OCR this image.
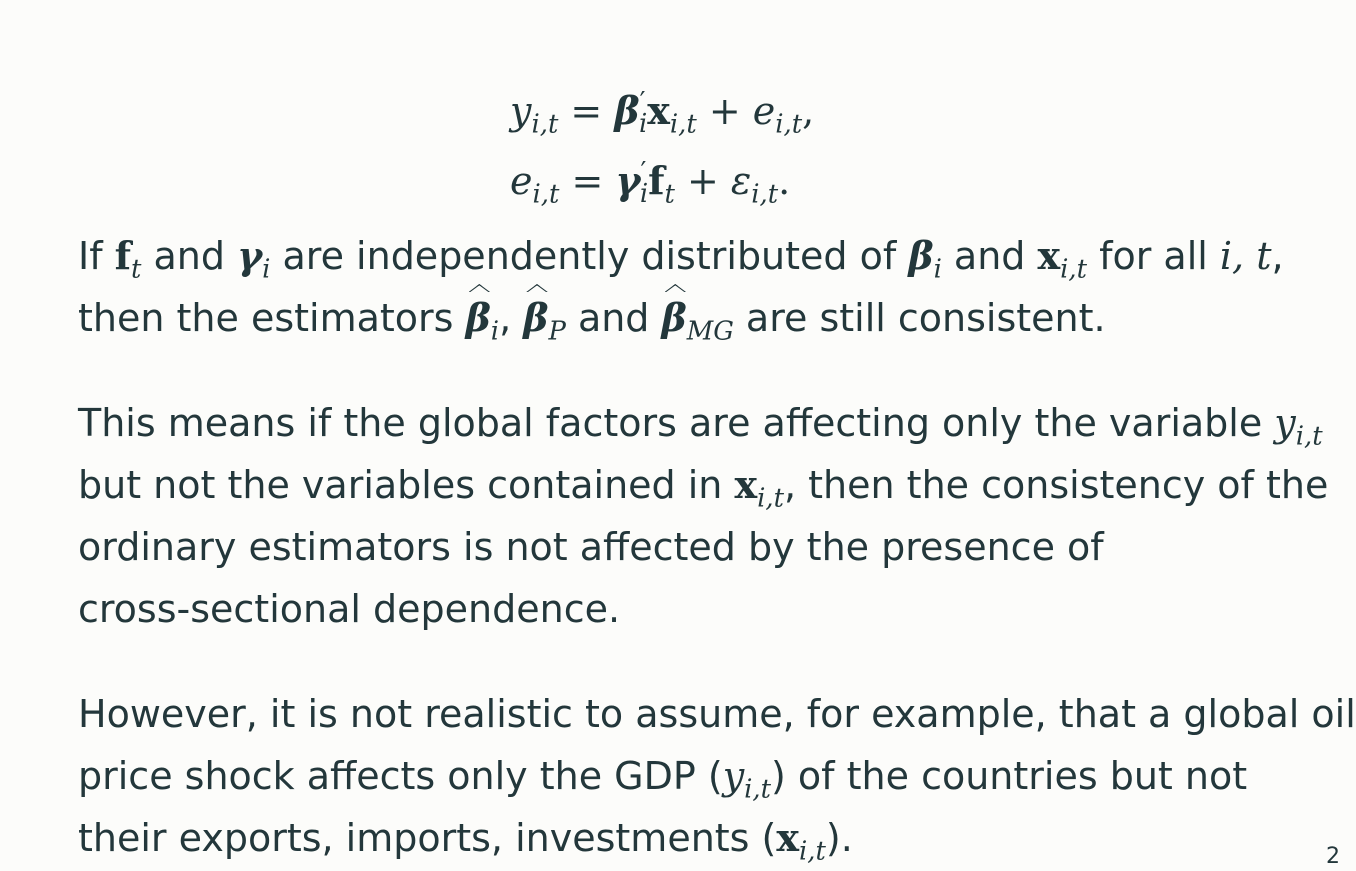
$y_{i,t} = \beta'_ix_{i,t} + e_{i,t}$,
$e_{i,t} = \gamma'_if_t + \varepsilon_{i,t}$.
If $f_t$ and $\gamma_i$ are independently distributed of $\beta_i$ and $x_{i,t}$ for all i, t,
then the estimators $\beta_i$, $\beta_P$ and $\beta_{MG}$ are still consistent.
This means if the global factors are affecting only the variable $y_{i,t}$
but not the variables contained in $x_{i,t}$, then the consistency of the
ordinary estimators is not affected by the presence of
cross-sectional dependence.
However, it is not realistic to assume, for example, that a global oil
price shock affects only the GDP $(y_{i,t})$ of the countries but not
their exports, imports, investments $(x_{i,t})$.	2
